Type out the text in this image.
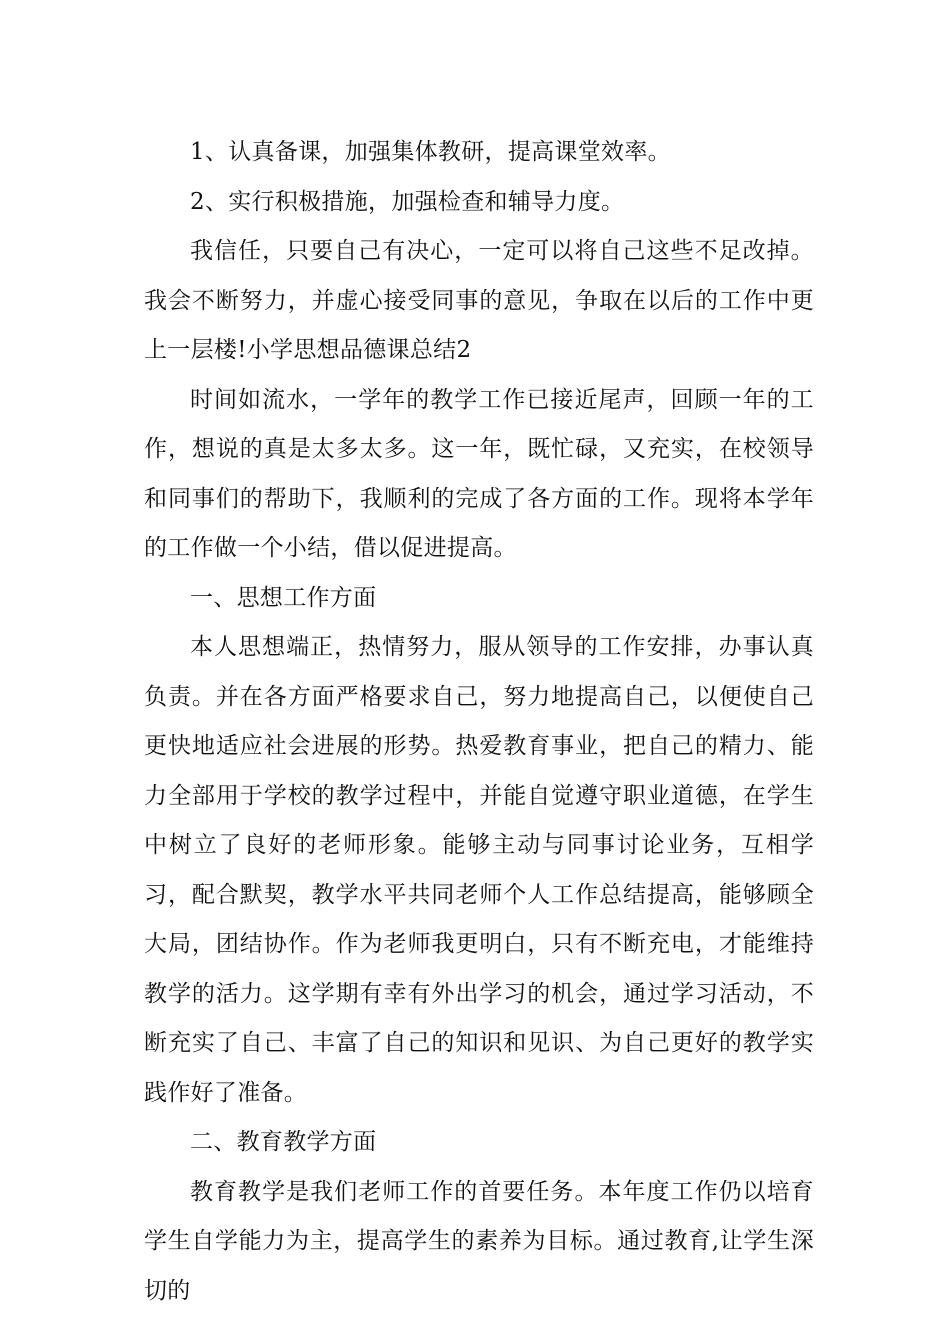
1、认真备课，加强集体教研，提高课堂效率。

2、实行积极措施，加强检查和辅导力度。

我信任，只要自己有决心，一定可以将自己这些不足改掉。我会不断努力，并虚心接受同事的意见，争取在以后的工作中更上一层楼!小学思想品德课总结2

时间如流水，一学年的教学工作已接近尾声，回顾一年的工作，想说的真是太多太多。这一年，既忙碌，又充实，在校领导和同事们的帮助下，我顺利的完成了各方面的工作。现将本学年的工作做一个小结，借以促进提高。

一、思想工作方面

本人思想端正，热情努力，服从领导的工作安排，办事认真负责。并在各方面严格要求自己，努力地提高自己，以便使自己更快地适应社会进展的形势。热爱教育事业，把自己的精力、能力全部用于学校的教学过程中，并能自觉遵守职业道德，在学生中树立了良好的老师形象。能够主动与同事讨论业务，互相学习，配合默契，教学水平共同老师个人工作总结提高，能够顾全大局，团结协作。作为老师我更明白，只有不断充电，才能维持教学的活力。这学期有幸有外出学习的机会，通过学习活动，不断充实了自己、丰富了自己的知识和见识、为自己更好的教学实践作好了准备。

二、教育教学方面

教育教学是我们老师工作的首要任务。本年度工作仍以培育学生自学能力为主，提高学生的素养为目标。通过教育,让学生深切的
